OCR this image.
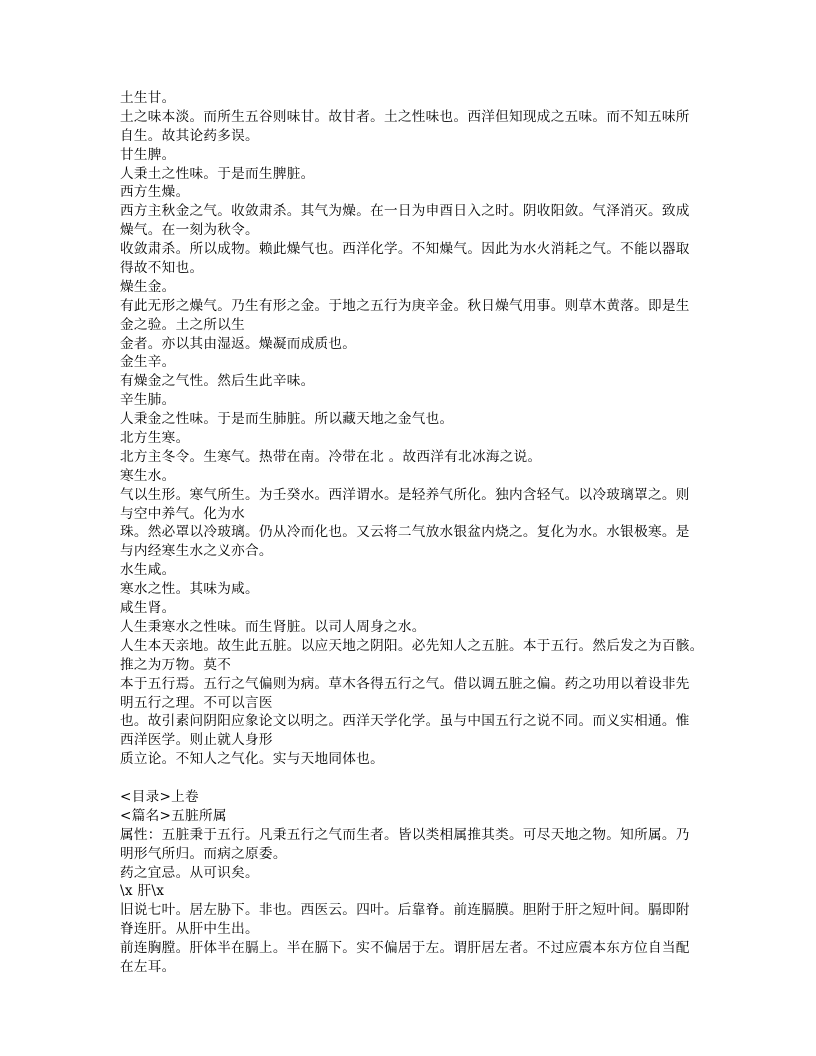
土生甘。
土之味本淡。而所生五谷则味甘。故甘者。土之性味也。西洋但知现成之五味。而不知五味所
自生。故其论药多误。
甘生脾。
人秉土之性味。于是而生脾脏。
西方生燥。
西方主秋金之气。收敛肃杀。其气为燥。在一日为申酉日入之时。阴收阳敛。气泽消灭。致成
燥气。在一刻为秋令。
收敛肃杀。所以成物。赖此燥气也。西洋化学。不知燥气。因此为水火消耗之气。不能以器取
得故不知也。
燥生金。
有此无形之燥气。乃生有形之金。于地之五行为庚辛金。秋日燥气用事。则草木黄落。即是生
金之验。土之所以生
金者。亦以其由湿返。燥凝而成质也。
金生辛。
有燥金之气性。然后生此辛味。
辛生肺。
人秉金之性味。于是而生肺脏。所以藏天地之金气也。
北方生寒。
北方主冬令。生寒气。热带在南。冷带在北 。故西洋有北冰海之说。
寒生水。
气以生形。寒气所生。为壬癸水。西洋谓水。是轻养气所化。独内含轻气。以冷玻璃罩之。则
与空中养气。化为水
珠。然必罩以冷玻璃。仍从冷而化也。又云将二气放水银盆内烧之。复化为水。水银极寒。是
与内经寒生水之义亦合。
水生咸。
寒水之性。其味为咸。
咸生肾。
人生秉寒水之性味。而生肾脏。以司人周身之水。
人生本天亲地。故生此五脏。以应天地之阴阳。必先知人之五脏。本于五行。然后发之为百骸。
推之为万物。莫不
本于五行焉。五行之气偏则为病。草木各得五行之气。借以调五脏之偏。药之功用以着设非先
明五行之理。不可以言医
也。故引素问阴阳应象论文以明之。西洋天学化学。虽与中国五行之说不同。而义实相通。惟
西洋医学。则止就人身形
质立论。不知人之气化。实与天地同体也。
<目录>上卷
<篇名>五脏所属
属性：五脏秉于五行。凡秉五行之气而生者。皆以类相属推其类。可尽天地之物。知所属。乃
明形气所归。而病之原委。
药之宜忌。从可识矣。
\x 肝\x
旧说七叶。居左胁下。非也。西医云。四叶。后靠脊。前连膈膜。胆附于肝之短叶间。膈即附
脊连肝。从肝中生出。
前连胸膛。肝体半在膈上。半在膈下。实不偏居于左。谓肝居左者。不过应震本东方位自当配
在左耳。
